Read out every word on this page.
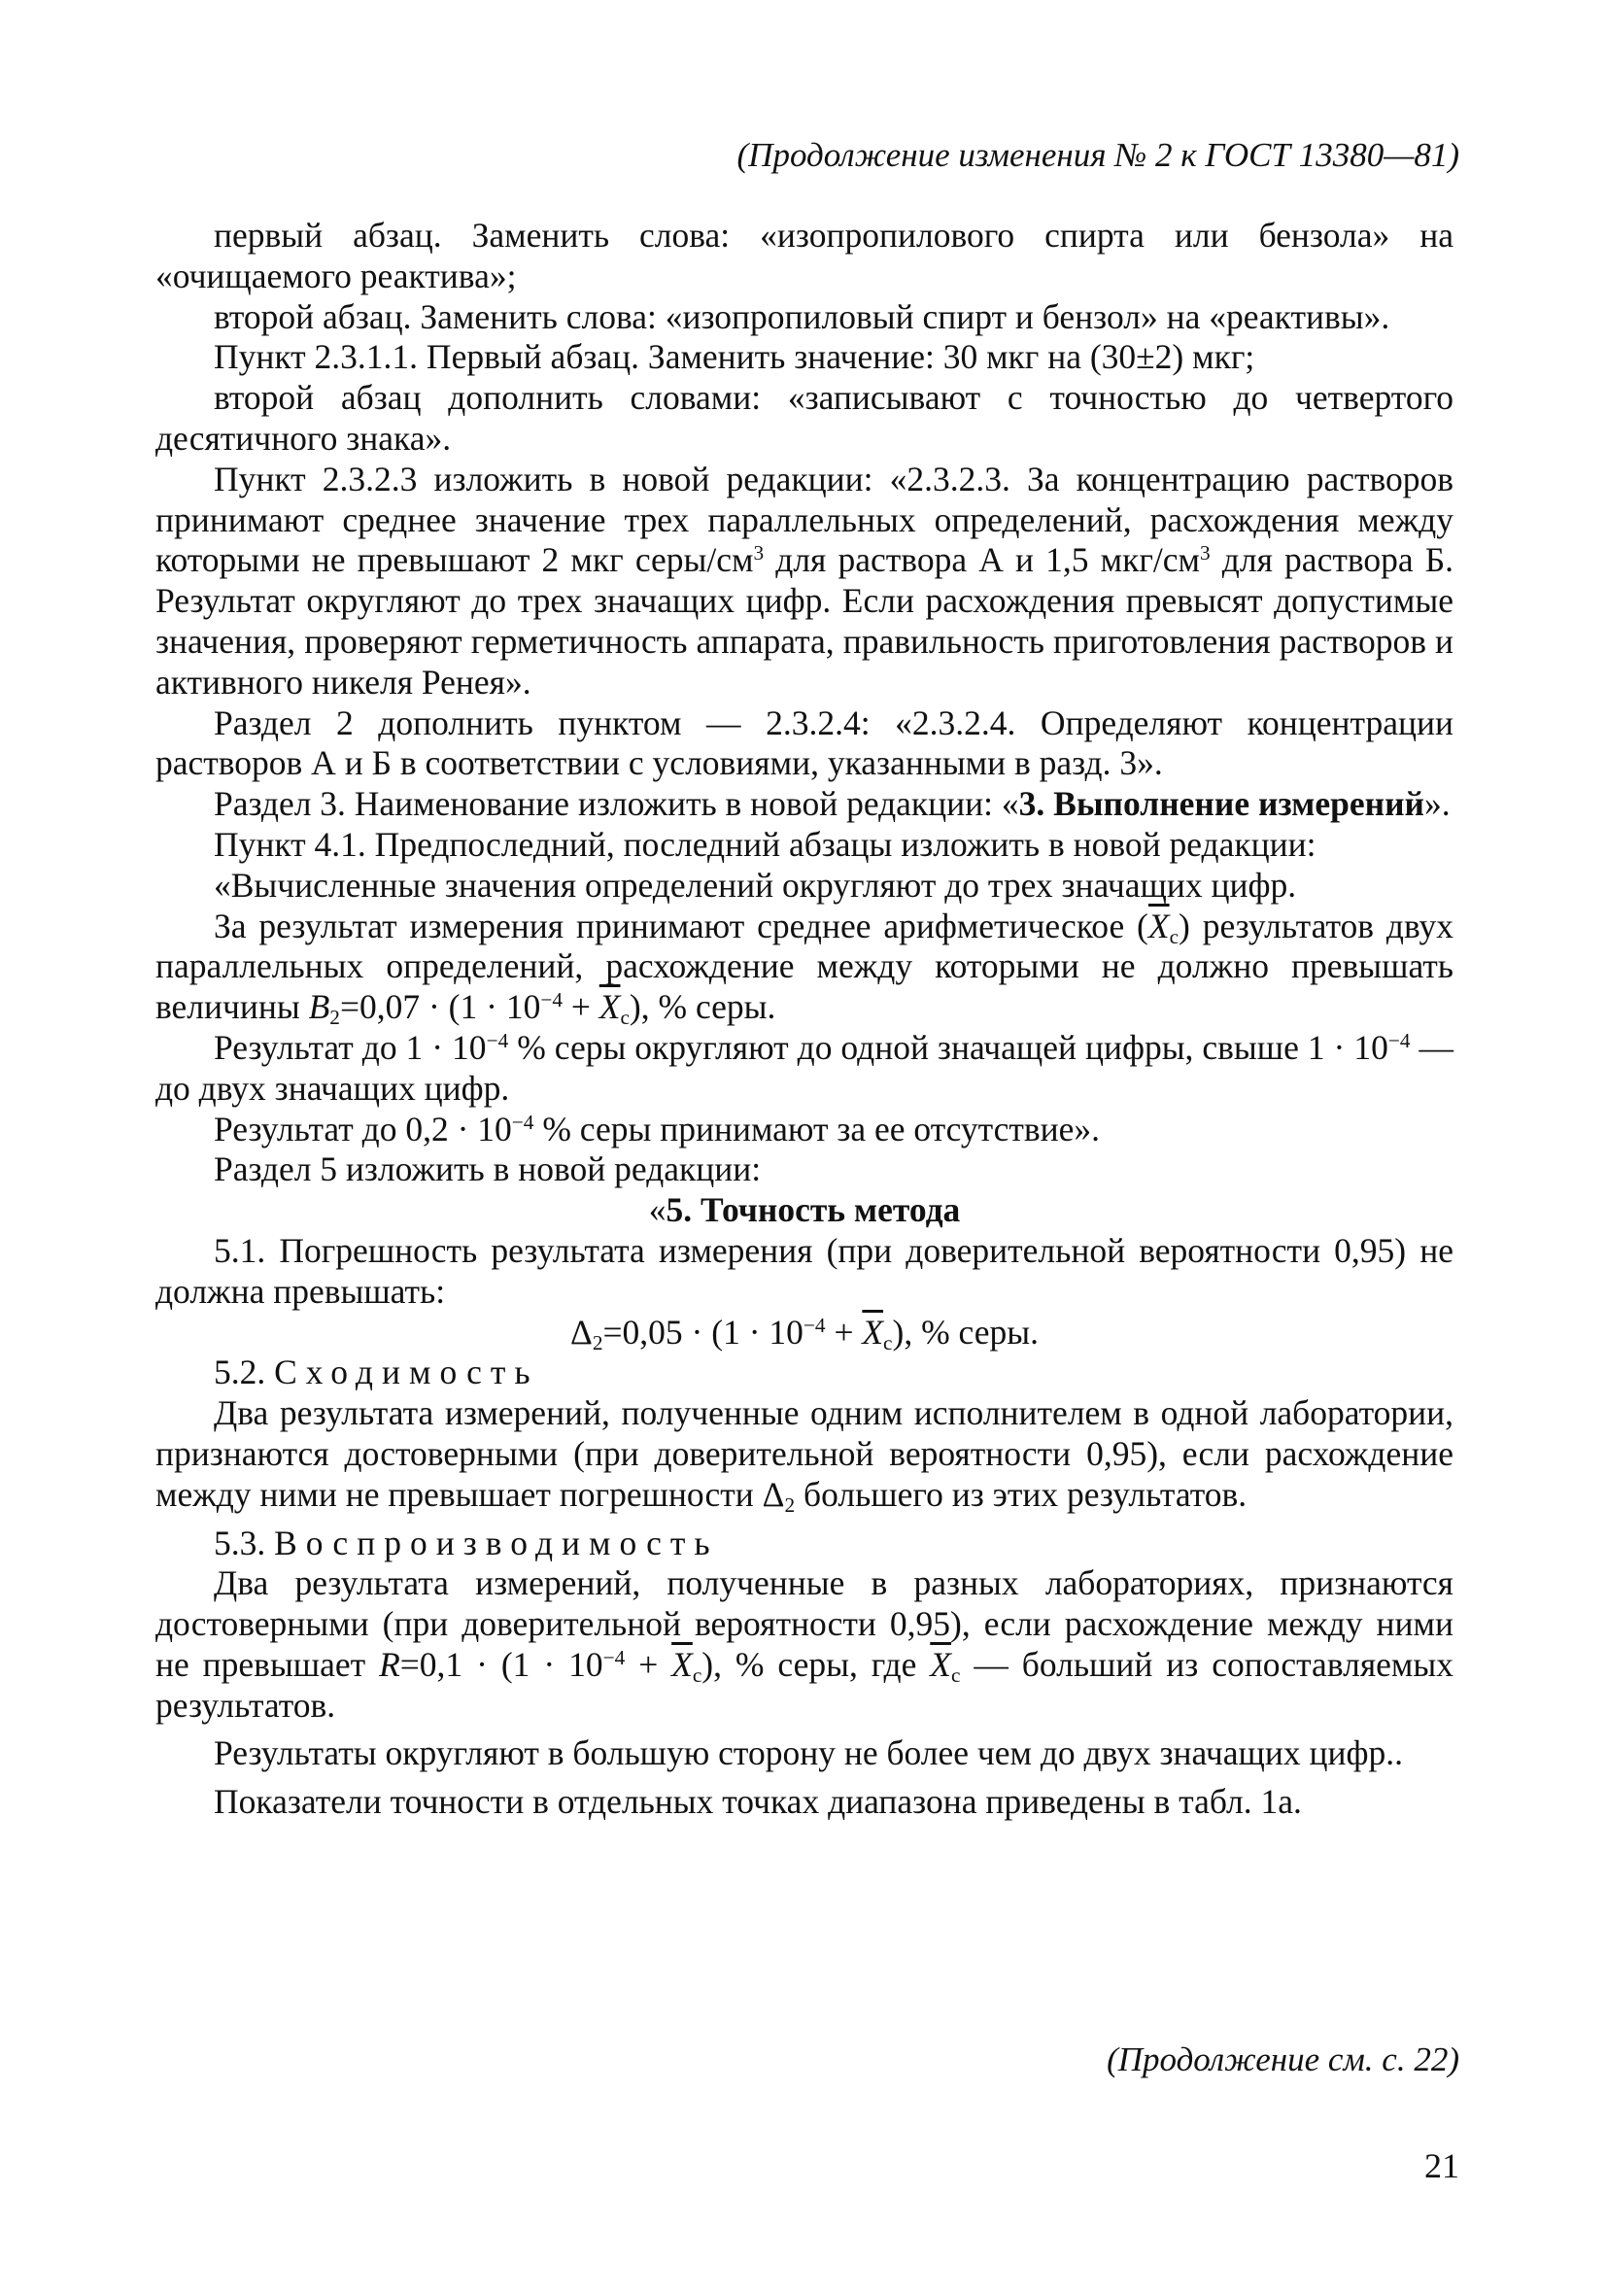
(Продолжение изменения № 2 к ГОСТ 13380—81)

первый абзац. Заменить слова: «изопропилового спирта или бензола» на «очищаемого реактива»;

второй абзац. Заменить слова: «изопропиловый спирт и бензол» на «реактивы».

Пункт 2.3.1.1. Первый абзац. Заменить значение: 30 мкг на (30±2) мкг;

второй абзац дополнить словами: «записывают с точностью до четвертого десятичного знака».

Пункт 2.3.2.3 изложить в новой редакции: «2.3.2.3. За концентрацию растворов принимают среднее значение трех параллельных определений, расхождения между которыми не превышают 2 мкг серы/$см^3$ для раствора А и 1,5 мкг/$см^3$ для раствора Б. Результат округляют до трех значащих цифр. Если расхождения превысят допустимые значения, проверяют герметичность аппарата, правильность приготовления растворов и активного никеля Ренея».

Раздел 2 дополнить пунктом — 2.3.2.4: «2.3.2.4. Определяют концентрации растворов А и Б в соответствии с условиями, указанными в разд. 3».

Раздел 3. Наименование изложить в новой редакции: «3. Выполнение измерений».

Пункт 4.1. Предпоследний, последний абзацы изложить в новой редакции:

«Вычисленные значения определений округляют до трех значащих цифр.

За результат измерения принимают среднее арифметическое $(\overline{X}_c)$ результатов двух параллельных определений, расхождение между которыми не должно превышать величины $B_2=0,07 \cdot (1 \cdot 10^{-4} + \overline{X}_c)$, % серы.

Результат до $1 \cdot 10^{-4}$ % серы округляют до одной значащей цифры, свыше $1 \cdot 10^{-4}$ — до двух значащих цифр.

Результат до $0,2 \cdot 10^{-4}$ % серы принимают за ее отсутствие».

Раздел 5 изложить в новой редакции:

«5. Точность метода

5.1. Погрешность результата измерения (при доверительной вероятности 0,95) не должна превышать:

$\Delta_2=0,05 \cdot (1 \cdot 10^{-4} + \overline{X}_c)$, % серы.

5.2. Сходимость

Два результата измерений, полученные одним исполнителем в одной лаборатории, признаются достоверными (при доверительной вероятности 0,95), если расхождение между ними не превышает погрешности $\Delta_2$ большего из этих результатов.

5.3. Воспроизводимость

Два результата измерений, полученные в разных лабораториях, признаются достоверными (при доверительной вероятности 0,95), если расхождение между ними не превышает $R=0,1 \cdot (1 \cdot 10^{-4} + \overline{X}_c)$, % серы, где $\overline{X}_c$ — больший из сопоставляемых результатов.

Результаты округляют в большую сторону не более чем до двух значащих цифр..

Показатели точности в отдельных точках диапазона приведены в табл. 1а.

(Продолжение см. с. 22)
21
